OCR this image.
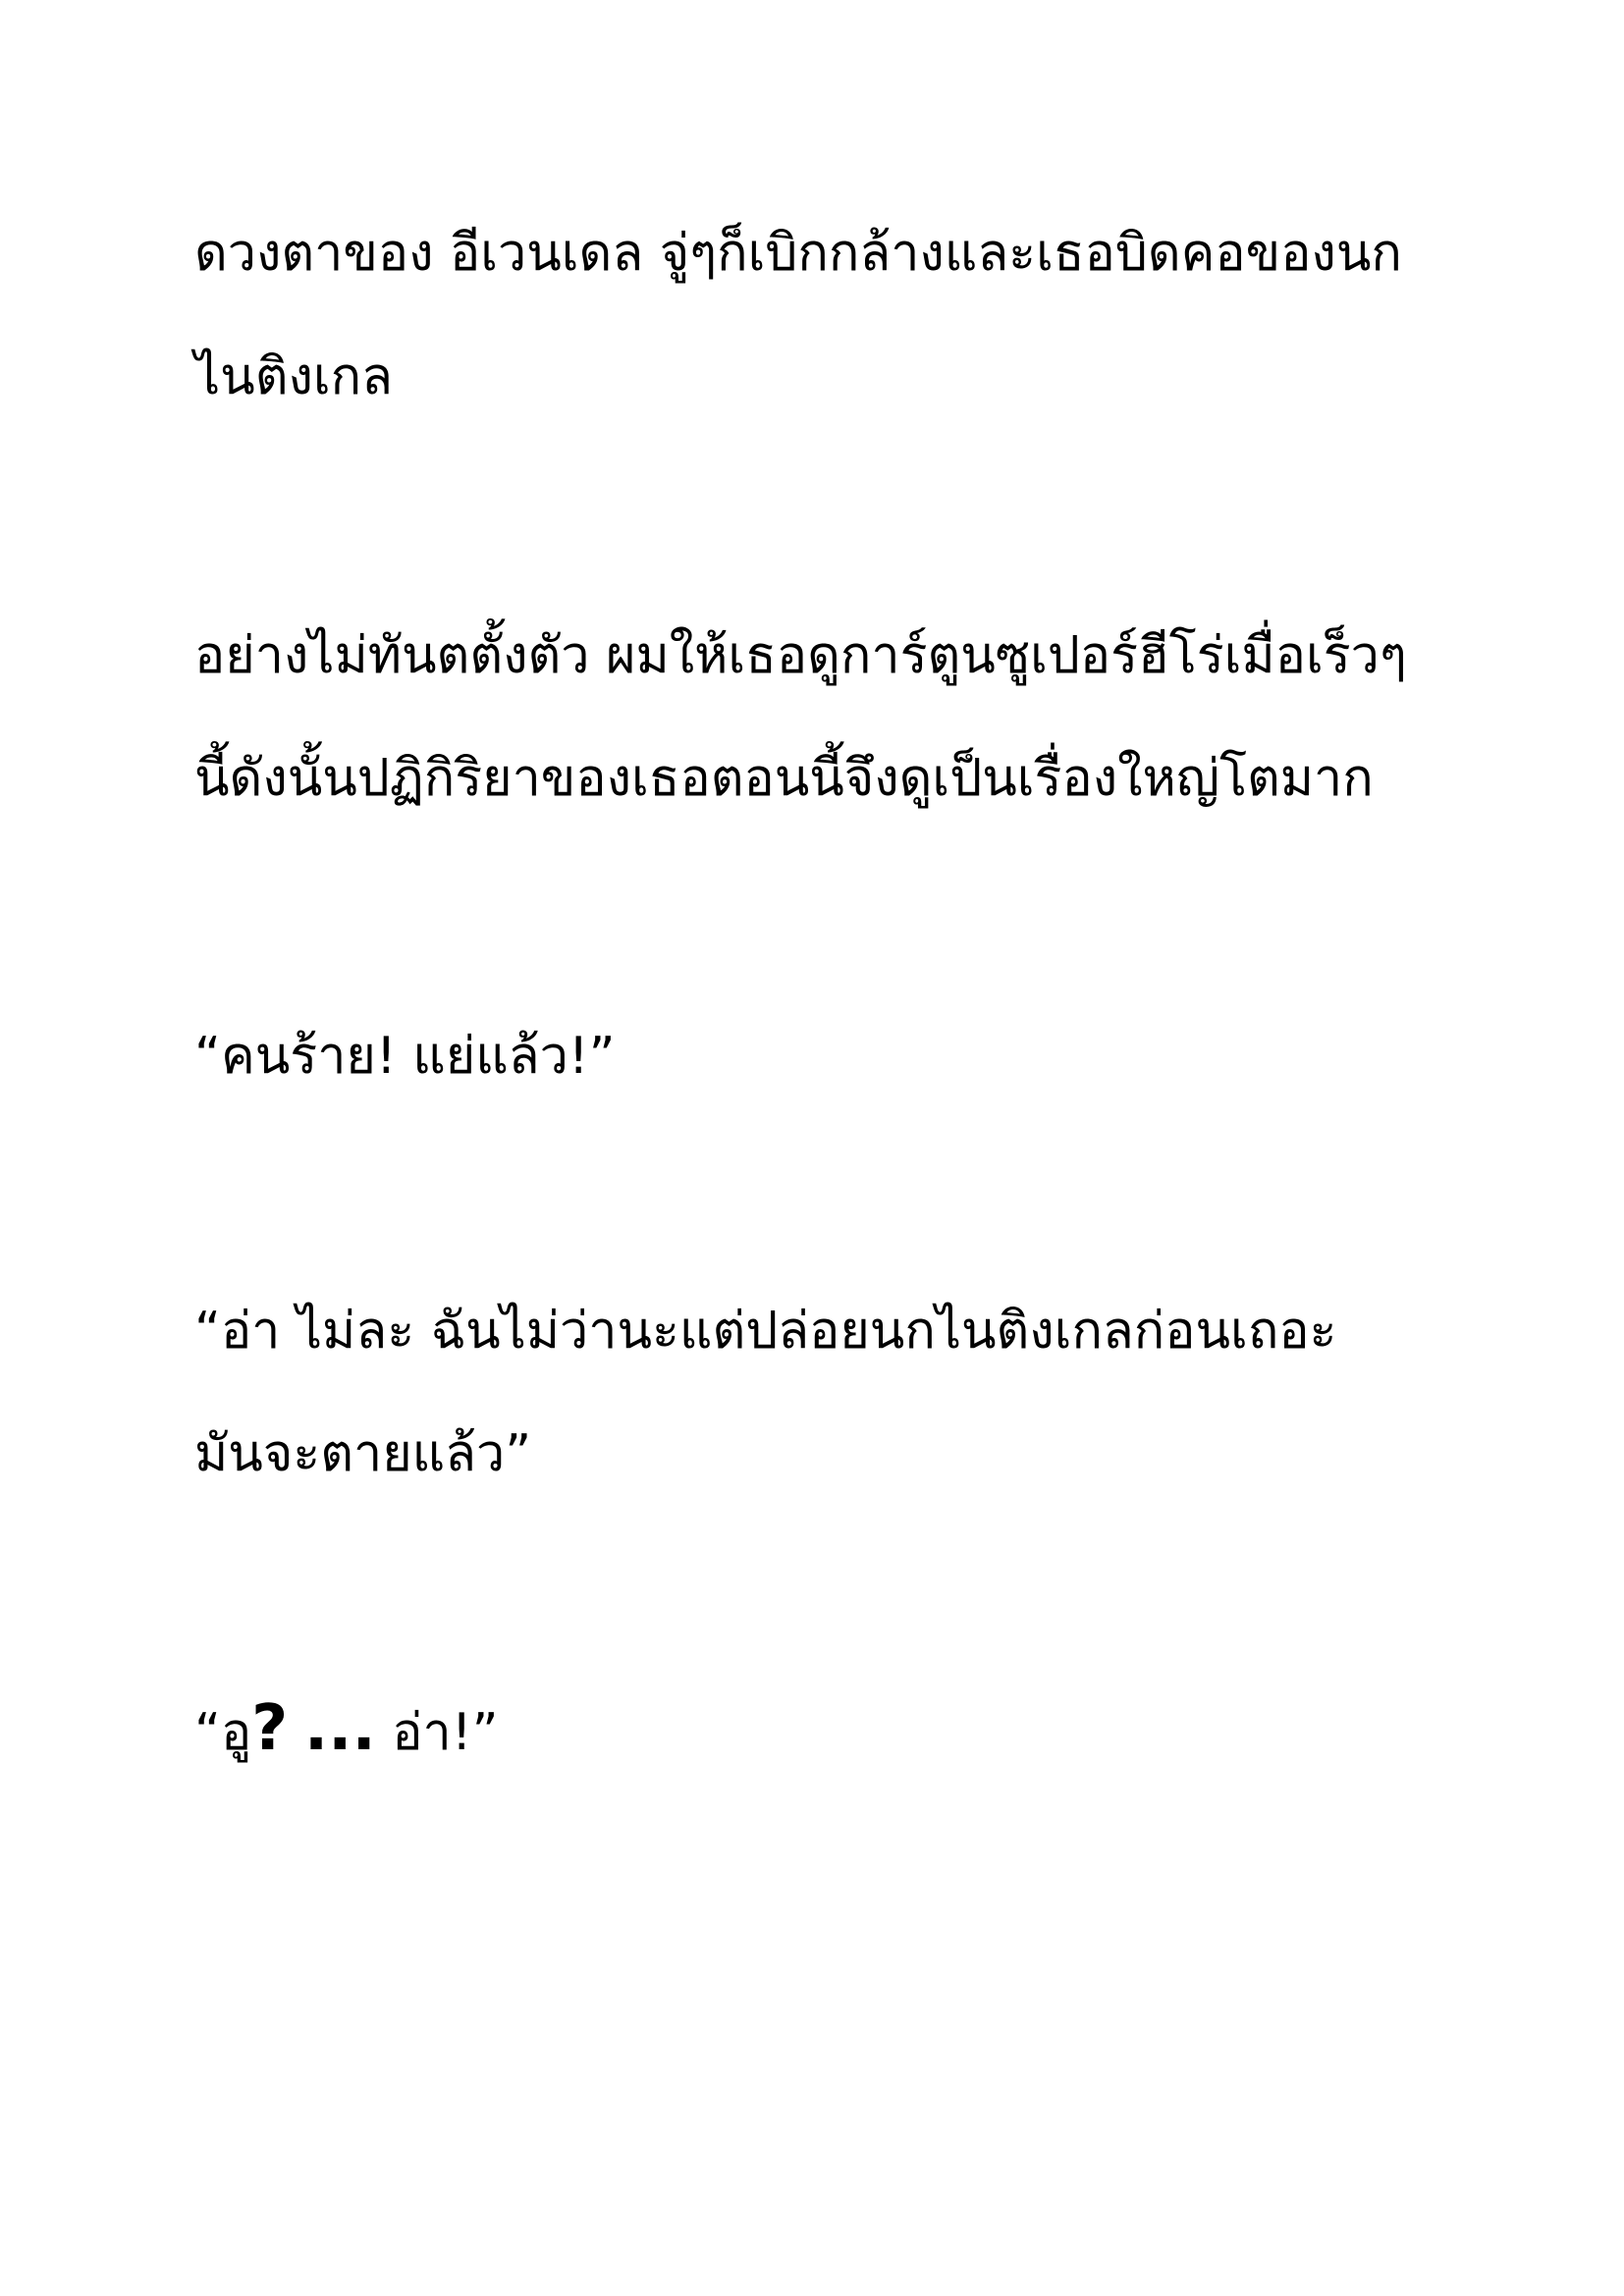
ดวงตาของ อีเวนเดล จู่ๆก็เบิกกล้างและเธอบิดคอของนก

ไนติงเกล

อย่างไม่ทันตตั้งตัว ผมให้เธอดูการ์ตูนซูเปอร์ฮีโร่เมื่อเร็วๆ

นี้ดังนั้นปฏิกิริยาของเธอตอนนี้จึงดูเป็นเรื่องใหญ่โตมาก

“คนร้าย! แย่แล้ว!”

“อ่า ไม่ละ ฉันไม่ว่านะแต่ปล่อยนกไนติงเกลก่อนเถอะ

มันจะตายแล้ว”

“อู? ... อ่า!”
